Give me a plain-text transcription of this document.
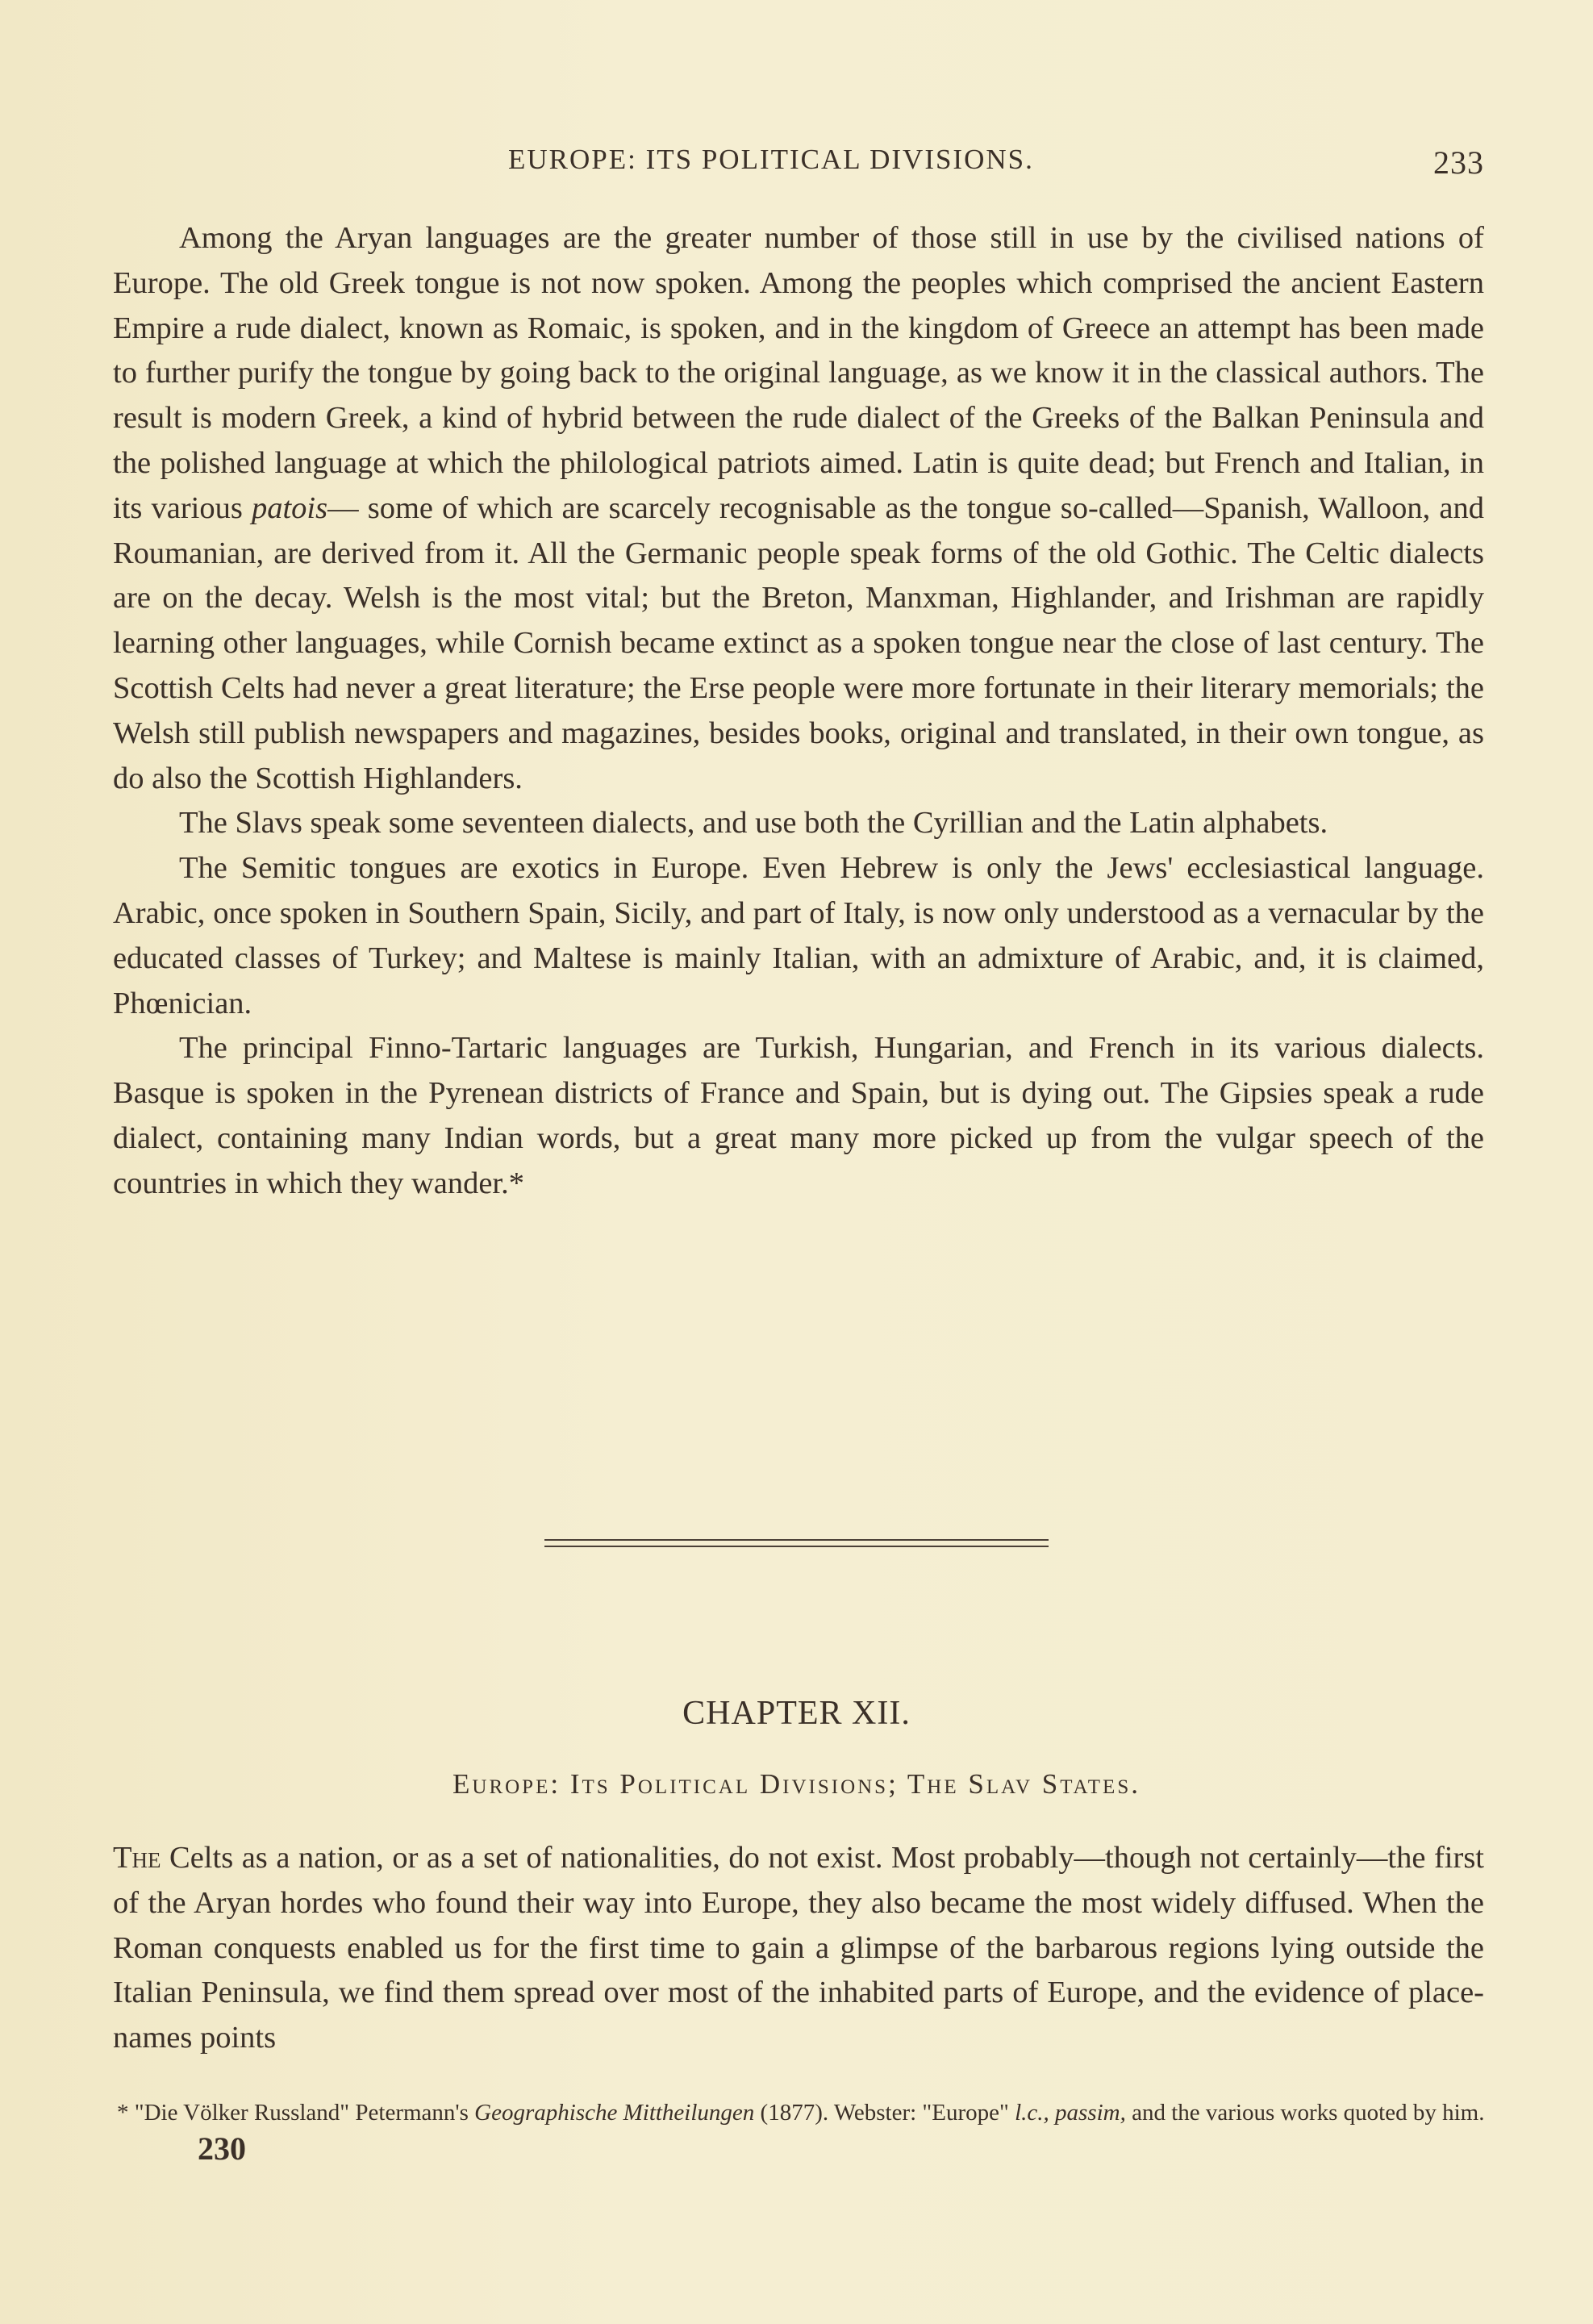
EUROPE: ITS POLITICAL DIVISIONS.	233

Among the Aryan languages are the greater number of those still in use by the civilised nations of Europe. The old Greek tongue is not now spoken. Among the peoples which comprised the ancient Eastern Empire a rude dialect, known as Romaic, is spoken, and in the kingdom of Greece an attempt has been made to further purify the tongue by going back to the original language, as we know it in the classical authors. The result is modern Greek, a kind of hybrid between the rude dialect of the Greeks of the Balkan Peninsula and the polished language at which the philological patriots aimed. Latin is quite dead; but French and Italian, in its various patois— some of which are scarcely recognisable as the tongue so-called—Spanish, Walloon, and Roumanian, are derived from it. All the Germanic people speak forms of the old Gothic. The Celtic dialects are on the decay. Welsh is the most vital; but the Breton, Manxman, Highlander, and Irishman are rapidly learning other languages, while Cornish became extinct as a spoken tongue near the close of last century. The Scottish Celts had never a great literature; the Erse people were more fortunate in their literary memorials; the Welsh still publish newspapers and magazines, besides books, original and translated, in their own tongue, as do also the Scottish Highlanders.

The Slavs speak some seventeen dialects, and use both the Cyrillian and the Latin alphabets.

The Semitic tongues are exotics in Europe. Even Hebrew is only the Jews' ecclesiastical language. Arabic, once spoken in Southern Spain, Sicily, and part of Italy, is now only understood as a vernacular by the educated classes of Turkey; and Maltese is mainly Italian, with an admixture of Arabic, and, it is claimed, Phœnician.

The principal Finno-Tartaric languages are Turkish, Hungarian, and French in its various dialects. Basque is spoken in the Pyrenean districts of France and Spain, but is dying out. The Gipsies speak a rude dialect, containing many Indian words, but a great many more picked up from the vulgar speech of the countries in which they wander.*

CHAPTER XII.
Europe: Its Political Divisions; The Slav States.

The Celts as a nation, or as a set of nationalities, do not exist. Most probably—though not certainly—the first of the Aryan hordes who found their way into Europe, they also became the most widely diffused. When the Roman conquests enabled us for the first time to gain a glimpse of the barbarous regions lying outside the Italian Peninsula, we find them spread over most of the inhabited parts of Europe, and the evidence of place-names points

* "Die Völker Russland" Petermann's Geographische Mittheilungen (1877). Webster: "Europe" l.c., passim, and the various works quoted by him.

230
